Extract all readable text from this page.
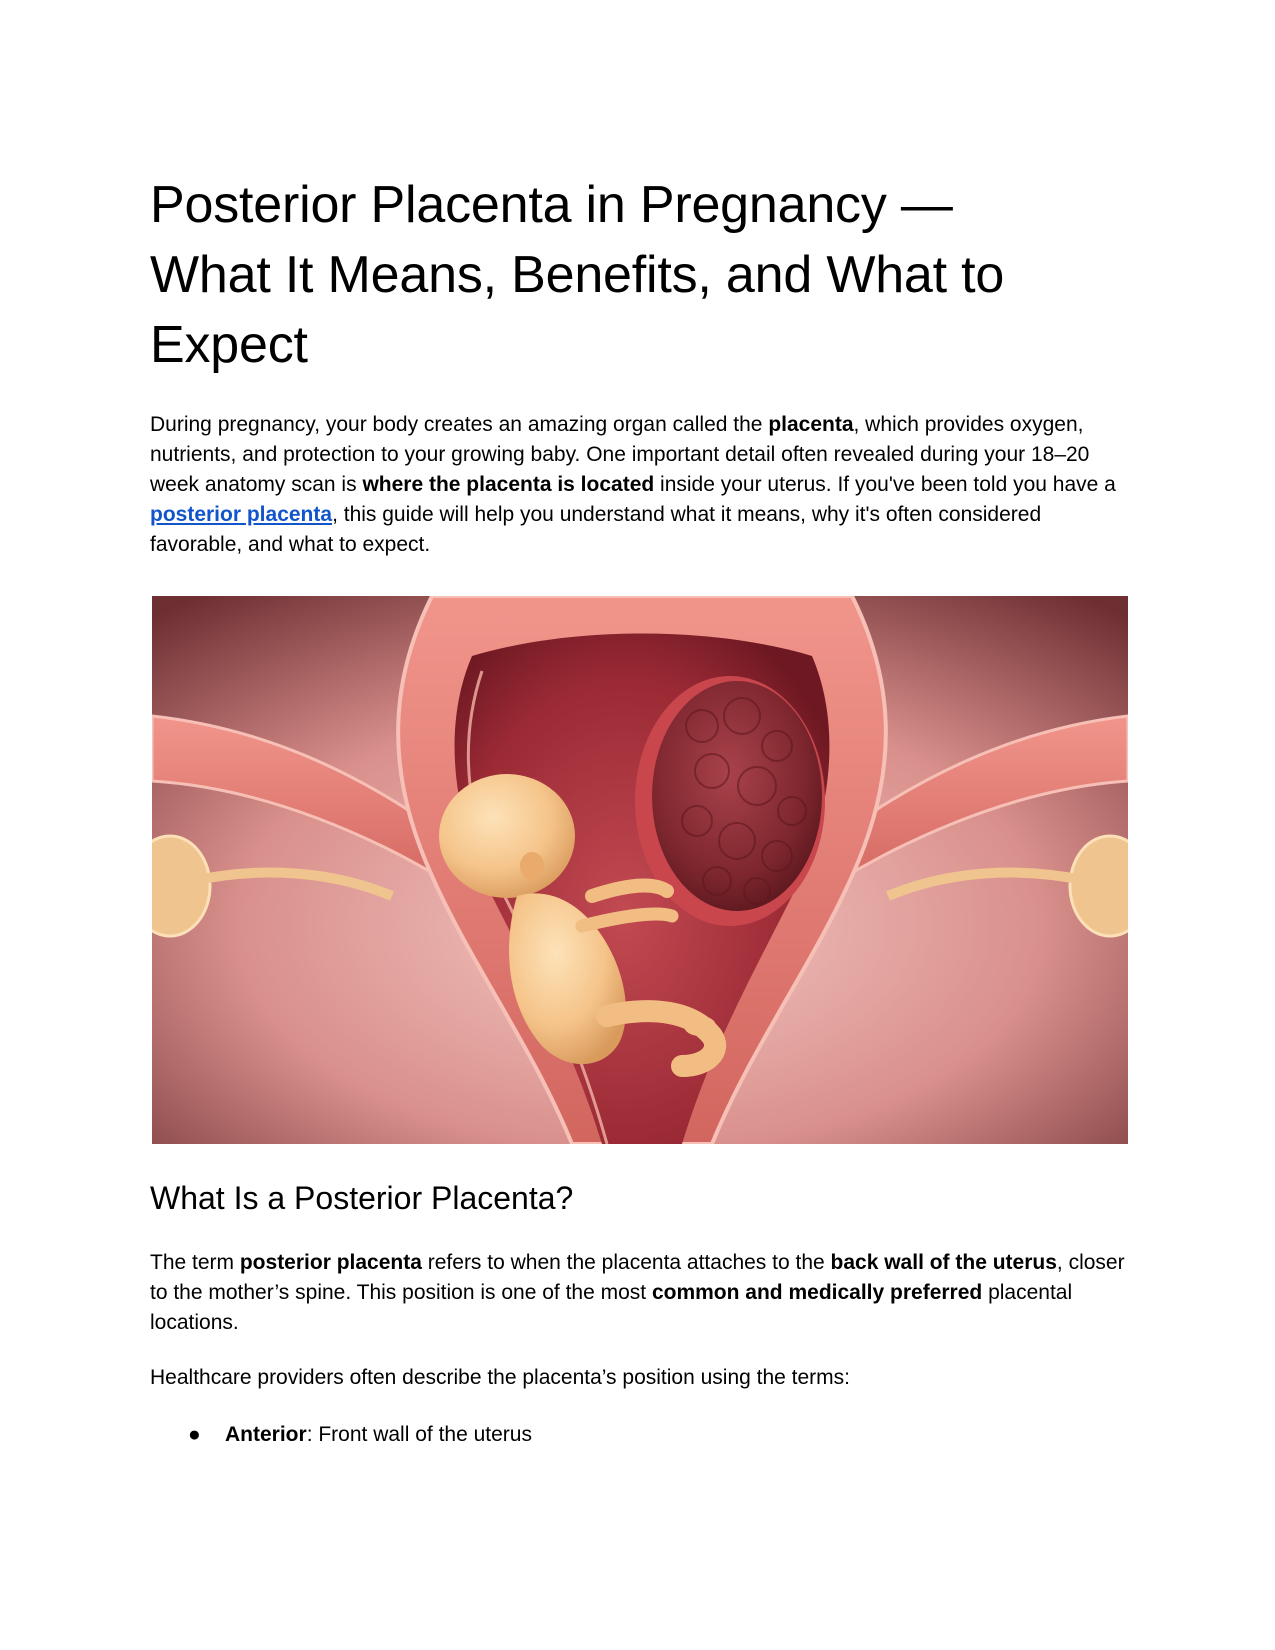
Posterior Placenta in Pregnancy —
What It Means, Benefits, and What to
Expect

During pregnancy, your body creates an amazing organ called the placenta, which provides oxygen, nutrients, and protection to your growing baby. One important detail often revealed during your 18–20 week anatomy scan is where the placenta is located inside your uterus. If you've been told you have a posterior placenta, this guide will help you understand what it means, why it's often considered favorable, and what to expect.

What Is a Posterior Placenta?

The term posterior placenta refers to when the placenta attaches to the back wall of the uterus, closer to the mother’s spine. This position is one of the most common and medically preferred placental locations.

Healthcare providers often describe the placenta’s position using the terms:

● Anterior: Front wall of the uterus
